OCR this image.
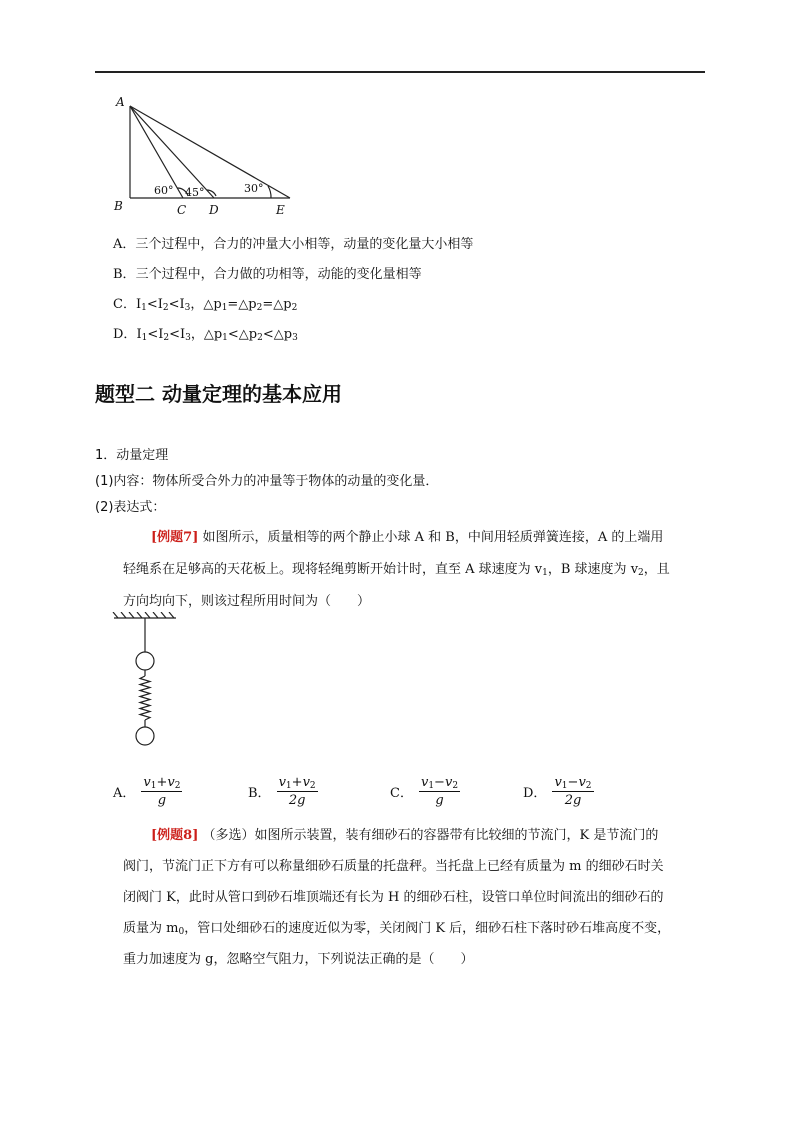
A
B	C D	E
60° 45°	30°
A．三个过程中，合力的冲量大小相等，动量的变化量大小相等
B．三个过程中，合力做的功相等，动能的变化量相等
C．$I_1<I_2<I_3$，$\triangle p_1=\triangle p_2=\triangle p_2$
D．$I_1<I_2<I_3$，$\triangle p_1<\triangle p_2<\triangle p_3$
题型二 动量定理的基本应用
1．动量定理
(1)内容：物体所受合外力的冲量等于物体的动量的变化量．
(2)表达式：
[例题7] 如图所示，质量相等的两个静止小球 A 和 B，中间用轻质弹簧连接，A 的上端用
轻绳系在足够高的天花板上。现将轻绳剪断开始计时，直至 A 球速度为 $v_1$，B 球速度为 $v_2$，且
方向均向下，则该过程所用时间为（　　）
A． $\frac{v_1+v_2}{g}$	B． $\frac{v_1+v_2}{2g}$	C． $\frac{v_1-v_2}{g}$	D． $\frac{v_1-v_2}{2g}$
[例题8] （多选）如图所示装置，装有细砂石的容器带有比较细的节流门，K 是节流门的
阀门，节流门正下方有可以称量细砂石质量的托盘秤。当托盘上已经有质量为 m 的细砂石时关
闭阀门 K，此时从管口到砂石堆顶端还有长为 H 的细砂石柱，设管口单位时间流出的细砂石的
质量为 $m_0$，管口处细砂石的速度近似为零，关闭阀门 K 后，细砂石柱下落时砂石堆高度不变，
重力加速度为 g，忽略空气阻力，下列说法正确的是（　　）
